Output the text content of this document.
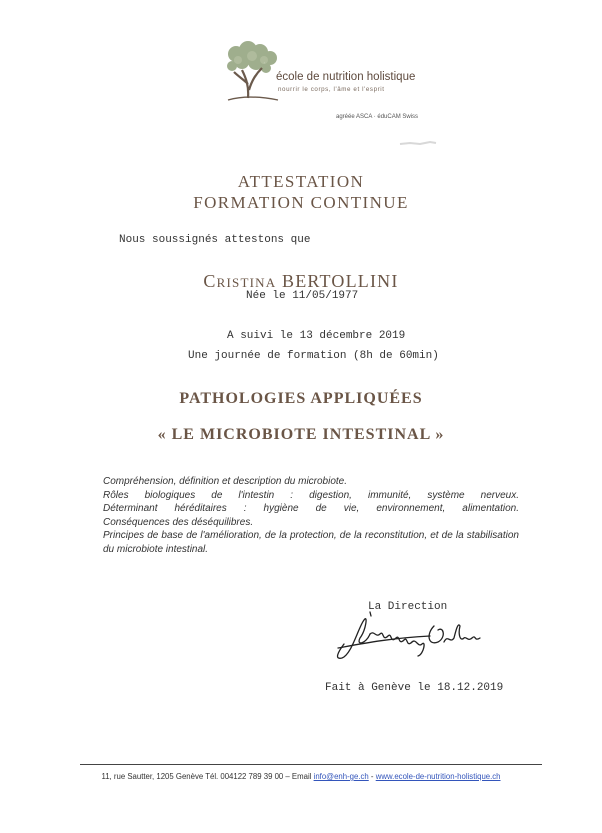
école de nutrition holistique
nourrir le corps, l'âme et l'esprit
agréée ASCA · éduCAM Swiss
ATTESTATION
FORMATION CONTINUE
Nous soussignés attestons que
Cristina BERTOLLINI
Née le 11/05/1977
A suivi le 13 décembre 2019
Une journée de formation (8h de 60min)
PATHOLOGIES APPLIQUÉES
« LE MICROBIOTE INTESTINAL »
Compréhension, définition et description du microbiote.
Rôles biologiques de l'intestin : digestion, immunité, système nerveux.
Déterminant héréditaires : hygiène de vie, environnement, alimentation.
Conséquences des déséquilibres.
Principes de base de l'amélioration, de la protection, de la reconstitution, et de la stabilisation du microbiote intestinal.
La Direction
Fait à Genève le 18.12.2019
11, rue Sautter, 1205 Genève Tél. 004122 789 39 00 – Email info@enh-ge.ch - www.ecole-de-nutrition-holistique.ch
